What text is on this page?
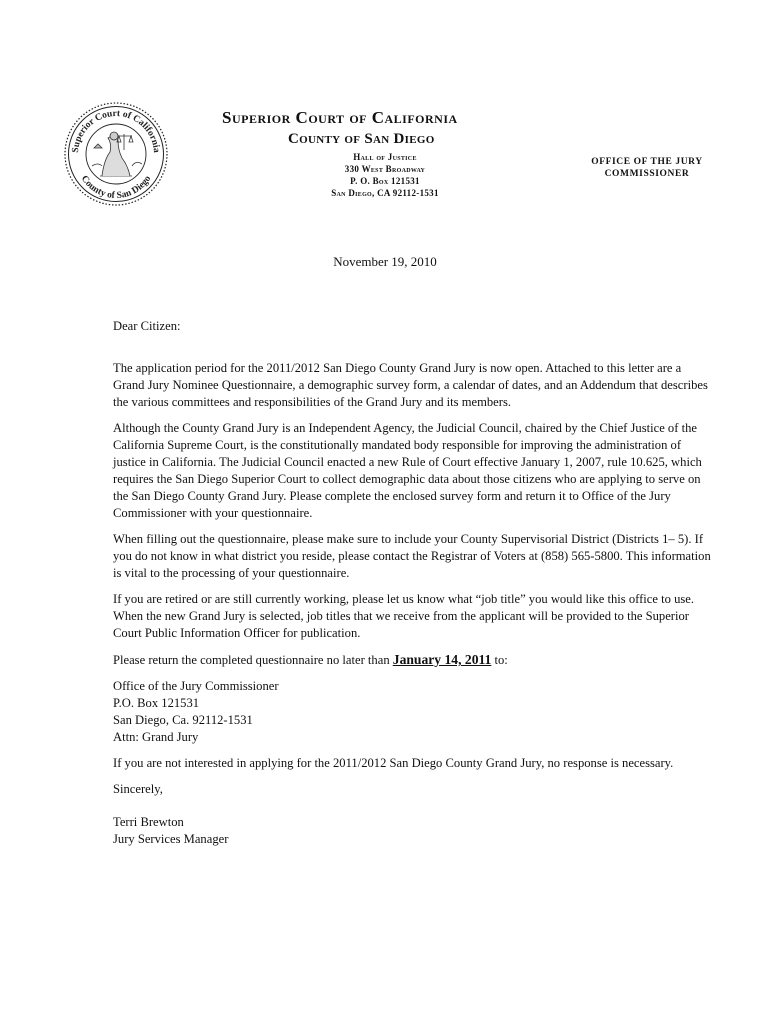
Superior Court of California
County of San Diego
Superior Court of California
County of San Diego
Hall of Justice
330 West Broadway
P. O. Box 121531
San Diego, CA 92112-1531
OFFICE OF THE JURY
COMMISSIONER
November 19, 2010

Dear Citizen:

The application period for the 2011/2012 San Diego County Grand Jury is now open. Attached to this letter are a Grand Jury Nominee Questionnaire, a demographic survey form, a calendar of dates, and an Addendum that describes the various committees and responsibilities of the Grand Jury and its members.

Although the County Grand Jury is an Independent Agency, the Judicial Council, chaired by the Chief Justice of the California Supreme Court, is the constitutionally mandated body responsible for improving the administration of justice in California. The Judicial Council enacted a new Rule of Court effective January 1, 2007, rule 10.625, which requires the San Diego Superior Court to collect demographic data about those citizens who are applying to serve on the San Diego County Grand Jury. Please complete the enclosed survey form and return it to Office of the Jury Commissioner with your questionnaire.

When filling out the questionnaire, please make sure to include your County Supervisorial District (Districts 1– 5). If you do not know in what district you reside, please contact the Registrar of Voters at (858) 565-5800. This information is vital to the processing of your questionnaire.

If you are retired or are still currently working, please let us know what “job title” you would like this office to use. When the new Grand Jury is selected, job titles that we receive from the applicant will be provided to the Superior Court Public Information Officer for publication.

Please return the completed questionnaire no later than January 14, 2011 to:

Office of the Jury Commissioner
P.O. Box 121531
San Diego, Ca. 92112-1531
Attn: Grand Jury

If you are not interested in applying for the 2011/2012 San Diego County Grand Jury, no response is necessary.

Sincerely,

Terri Brewton
Jury Services Manager
